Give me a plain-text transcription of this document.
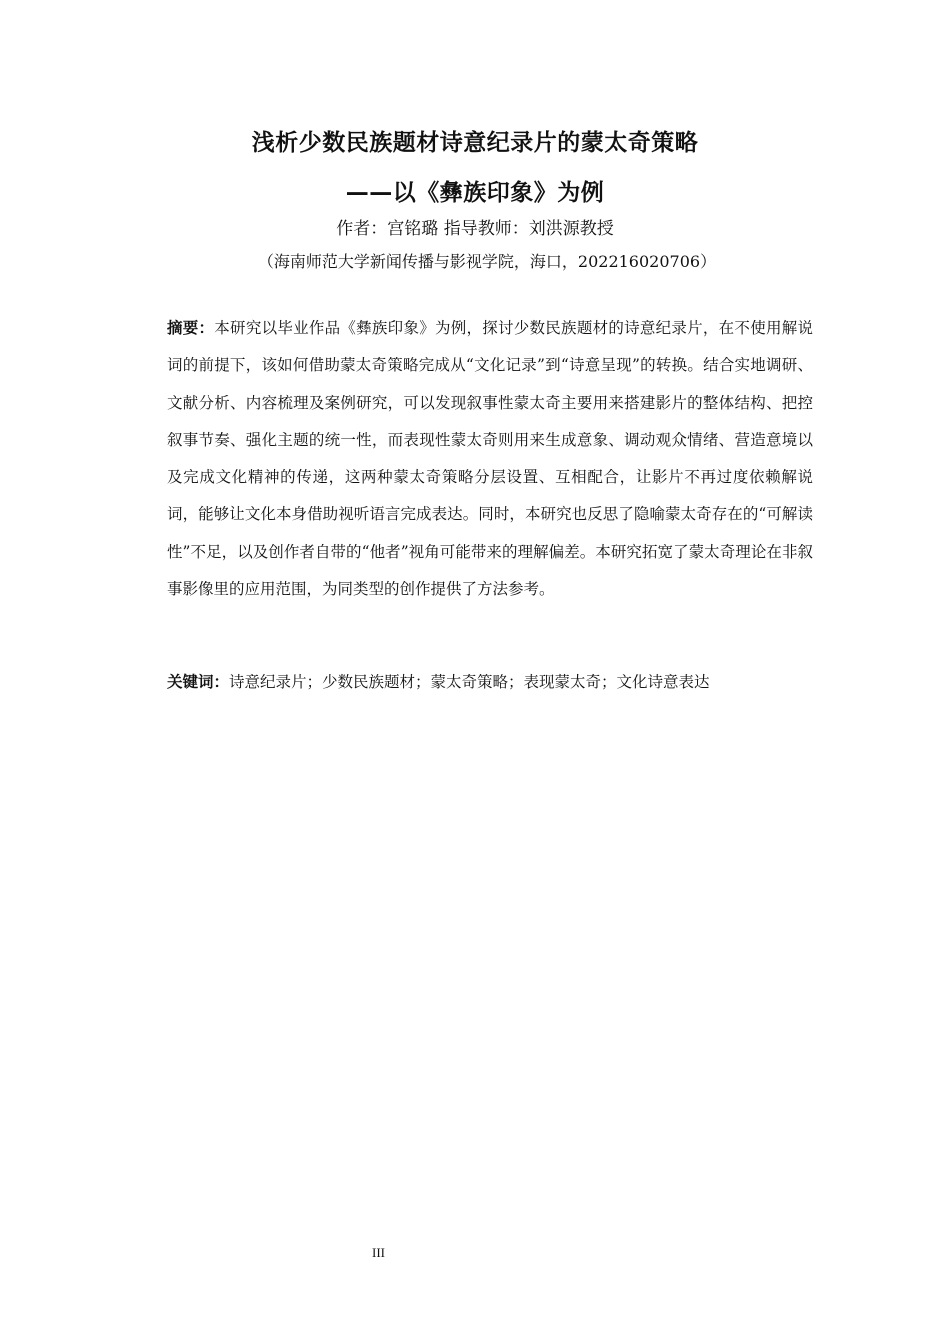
浅析少数民族题材诗意纪录片的蒙太奇策略
——以《彝族印象》为例
作者：宫铭璐 指导教师：刘洪源教授
（海南师范大学新闻传播与影视学院，海口，202216020706）
摘要：本研究以毕业作品《彝族印象》为例，探讨少数民族题材的诗意纪录片，在不使用解说词的前提下，该如何借助蒙太奇策略完成从“文化记录”到“诗意呈现”的转换。结合实地调研、文献分析、内容梳理及案例研究，可以发现叙事性蒙太奇主要用来搭建影片的整体结构、把控叙事节奏、强化主题的统一性，而表现性蒙太奇则用来生成意象、调动观众情绪、营造意境以及完成文化精神的传递，这两种蒙太奇策略分层设置、互相配合，让影片不再过度依赖解说词，能够让文化本身借助视听语言完成表达。同时，本研究也反思了隐喻蒙太奇存在的“可解读性”不足，以及创作者自带的“他者”视角可能带来的理解偏差。本研究拓宽了蒙太奇理论在非叙事影像里的应用范围，为同类型的创作提供了方法参考。
关键词：诗意纪录片；少数民族题材；蒙太奇策略；表现蒙太奇；文化诗意表达
III
